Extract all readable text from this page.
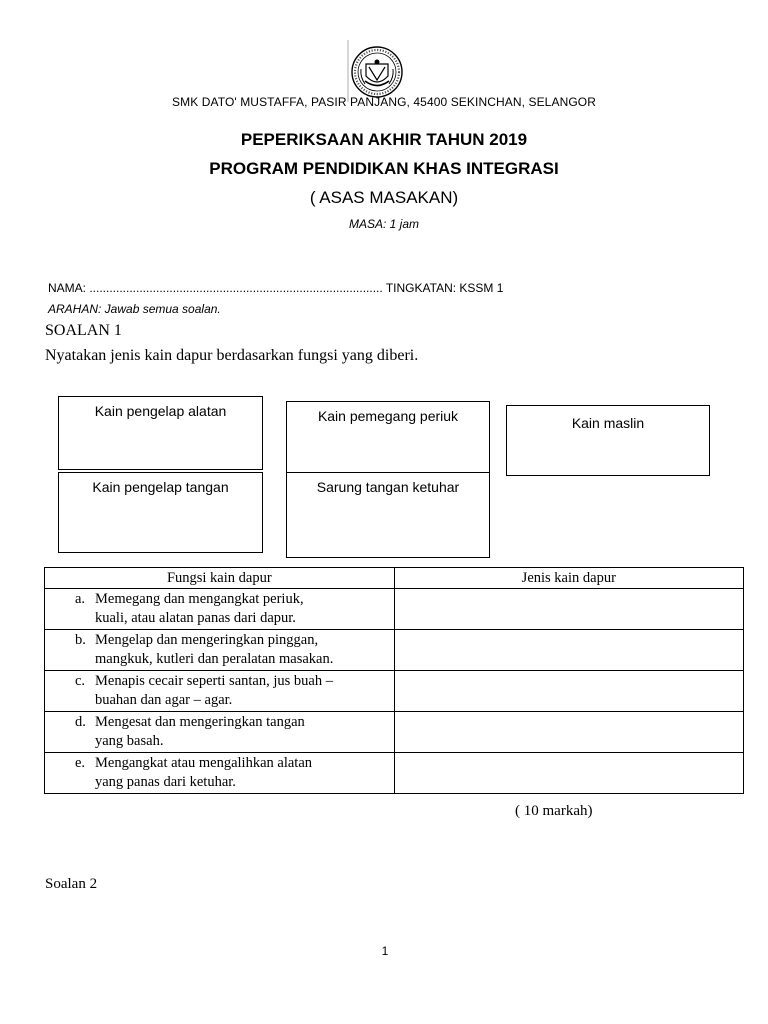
SMK DATO' MUSTAFFA, PASIR PANJANG, 45400 SEKINCHAN, SELANGOR
PEPERIKSAAN AKHIR TAHUN 2019
PROGRAM PENDIDIKAN KHAS INTEGRASI
( ASAS MASAKAN)
MASA: 1 jam
NAMA: ........................................................................................ TINGKATAN: KSSM 1
ARAHAN: Jawab semua soalan.
SOALAN 1
Nyatakan jenis kain dapur berdasarkan fungsi yang diberi.
Kain pengelap alatan	Kain pemegang periuk	Kain maslin
Kain pengelap tangan	Sarung tangan ketuhar
Fungsi kain dapur	Jenis kain dapur

a. Memegang dan mengangkat periuk,
kuali, atau alatan panas dari dapur.	

b. Mengelap dan mengeringkan pinggan,
mangkuk, kutleri dan peralatan masakan.	

c. Menapis cecair seperti santan, jus buah –
buahan dan agar – agar.	

d. Mengesat dan mengeringkan tangan
yang basah.	

e. Mengangkat atau mengalihkan alatan
yang panas dari ketuhar.	

( 10 markah)
Soalan 2
1
